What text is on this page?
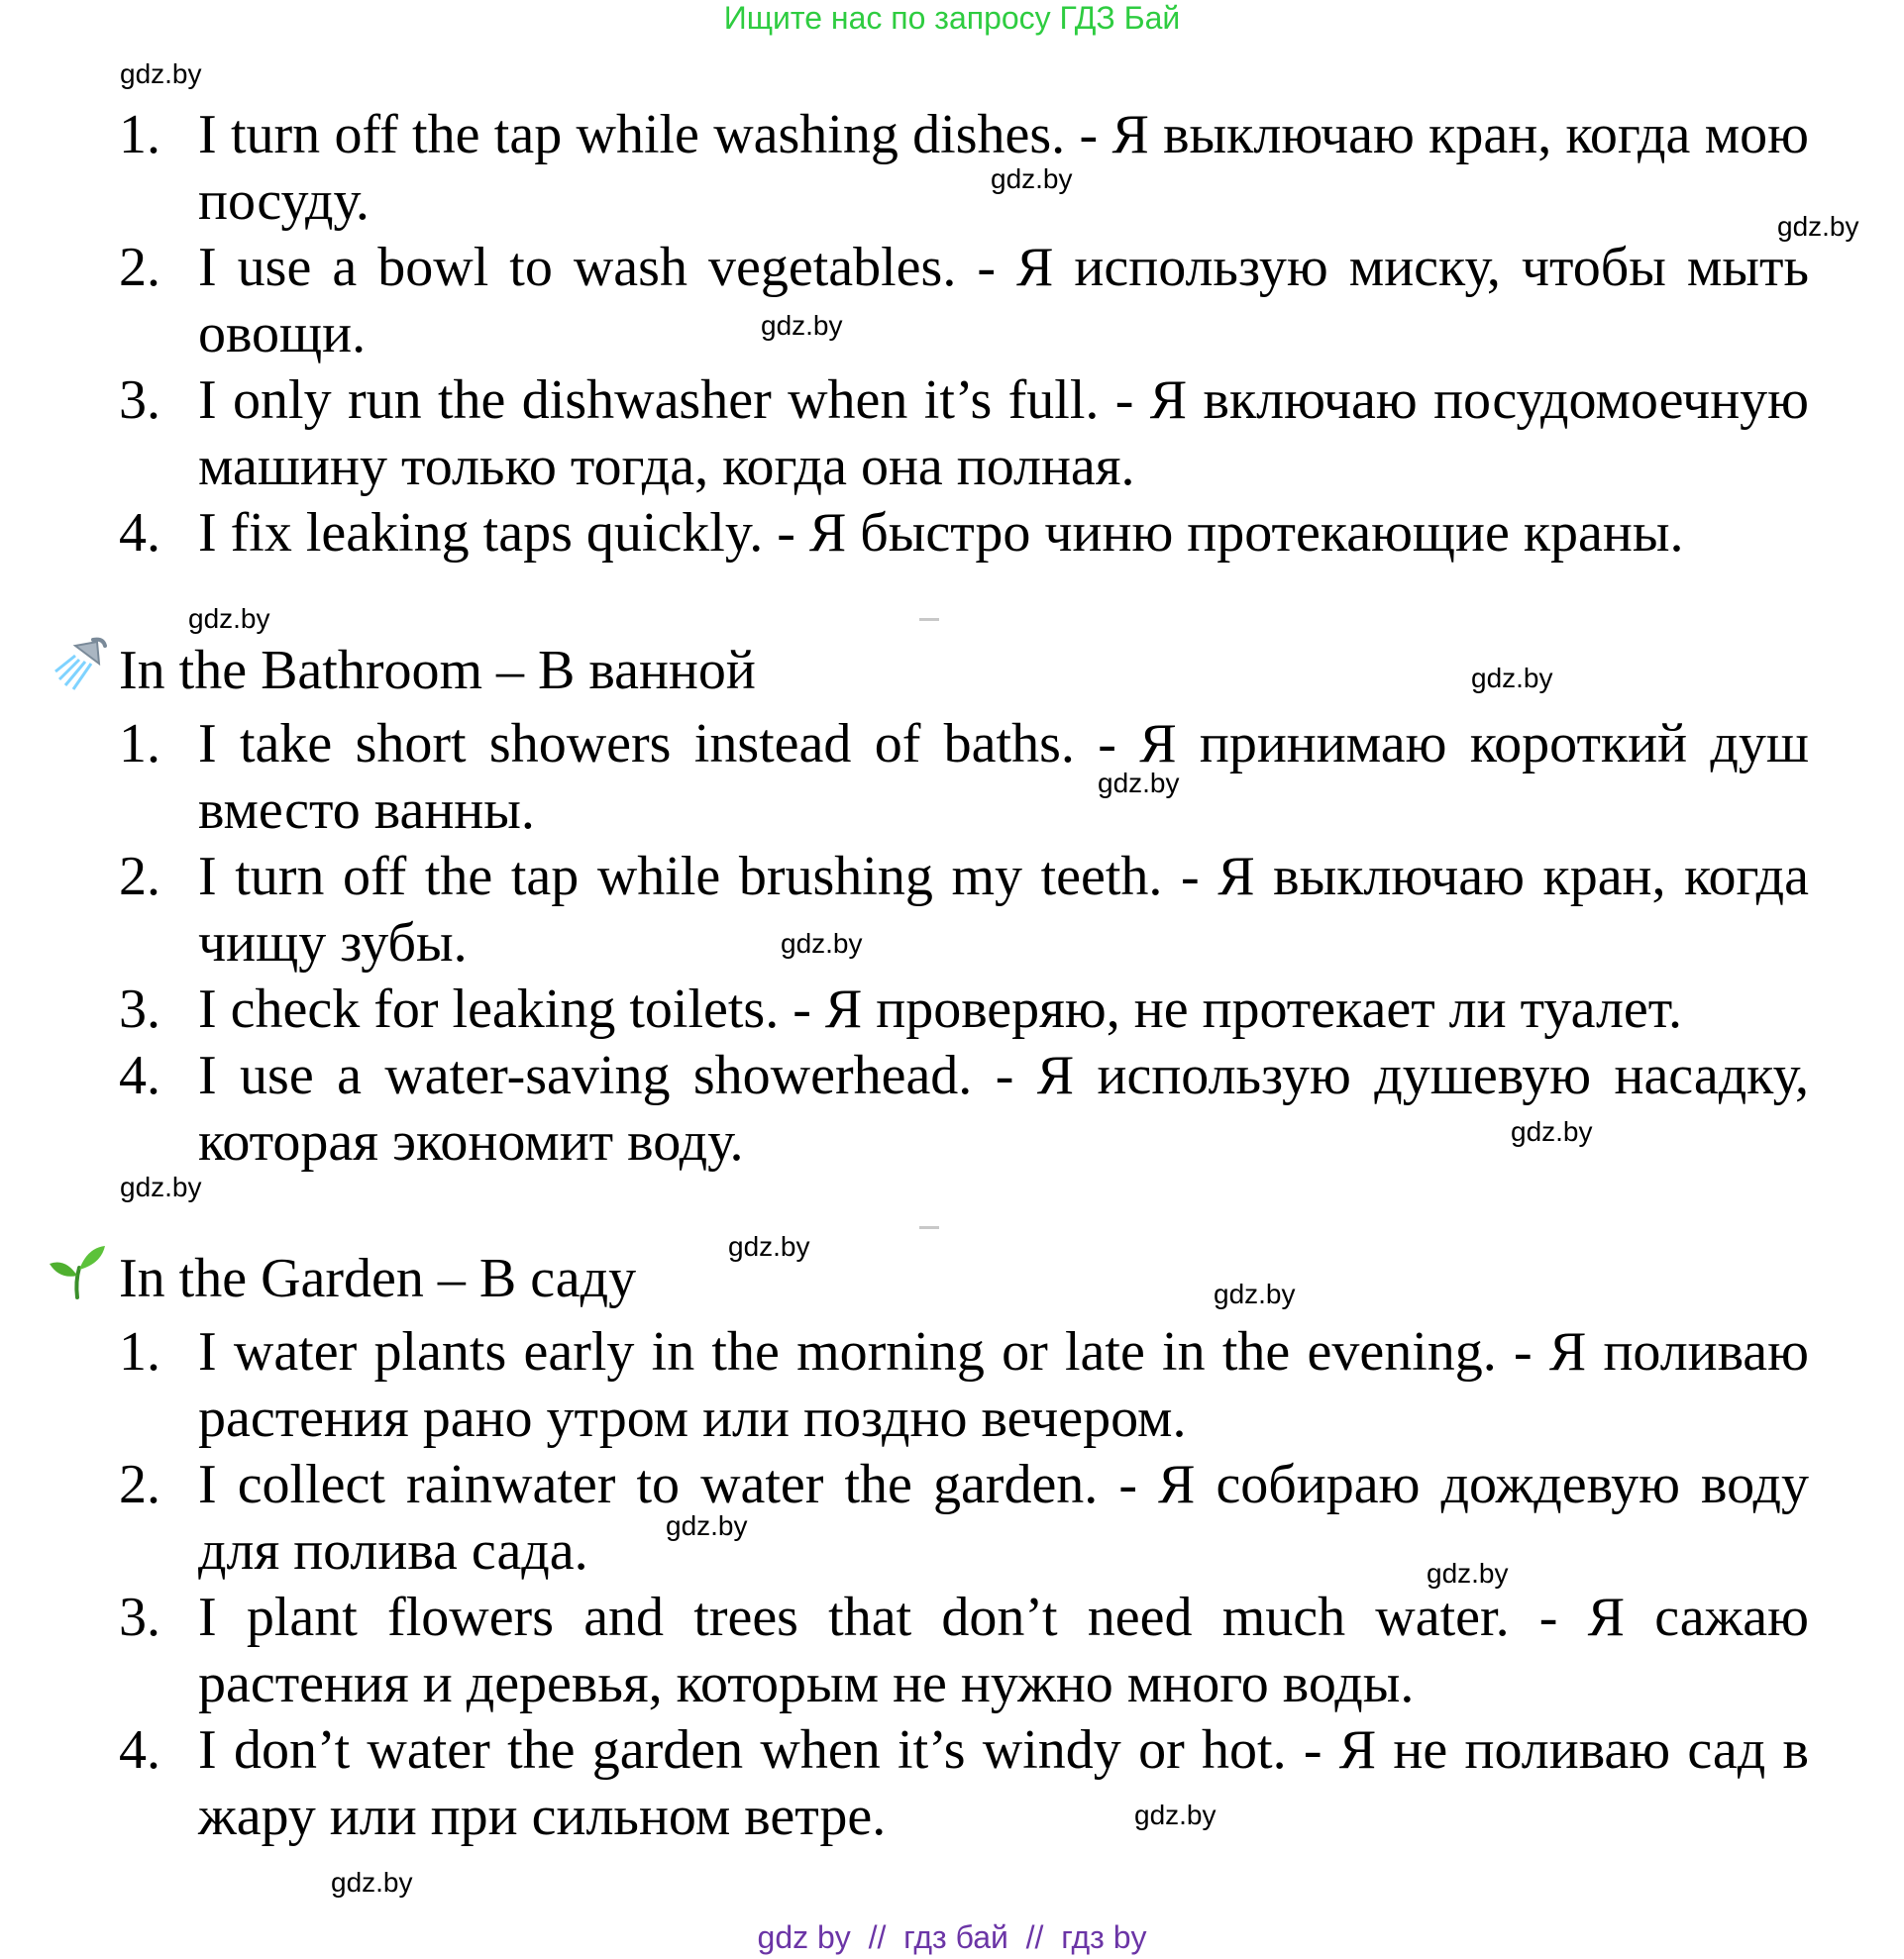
Ищите нас по запросу ГДЗ Бай
gdz.by
gdz.by
gdz.by
gdz.by
gdz.by
gdz.by
gdz.by
gdz.by
gdz.by
gdz.by
gdz.by
gdz.by
gdz.by
gdz.by
gdz.by
gdz.by
1. I turn off the tap while washing dishes. - Я выключаю кран, когда мою посуду.
2. I use a bowl to wash vegetables. - Я использую миску, чтобы мыть овощи.
3. I only run the dishwasher when it’s full. - Я включаю посудомоечную машину только тогда, когда она полная.
4. I fix leaking taps quickly. - Я быстро чиню протекающие краны.
In the Bathroom – В ванной
1. I take short showers instead of baths. - Я принимаю короткий душ вместо ванны.
2. I turn off the tap while brushing my teeth. - Я выключаю кран, когда чищу зубы.
3. I check for leaking toilets. - Я проверяю, не протекает ли туалет.
4. I use a water-saving showerhead. - Я использую душевую насадку, которая экономит воду.
In the Garden – В саду
1. I water plants early in the morning or late in the evening. - Я поливаю растения рано утром или поздно вечером.
2. I collect rainwater to water the garden. - Я собираю дождевую воду для полива сада.
3. I plant flowers and trees that don’t need much water. - Я сажаю растения и деревья, которым не нужно много воды.
4. I don’t water the garden when it’s windy or hot. - Я не поливаю сад в жару или при сильном ветре.
gdz by  //  гдз бай  //  гдз by
